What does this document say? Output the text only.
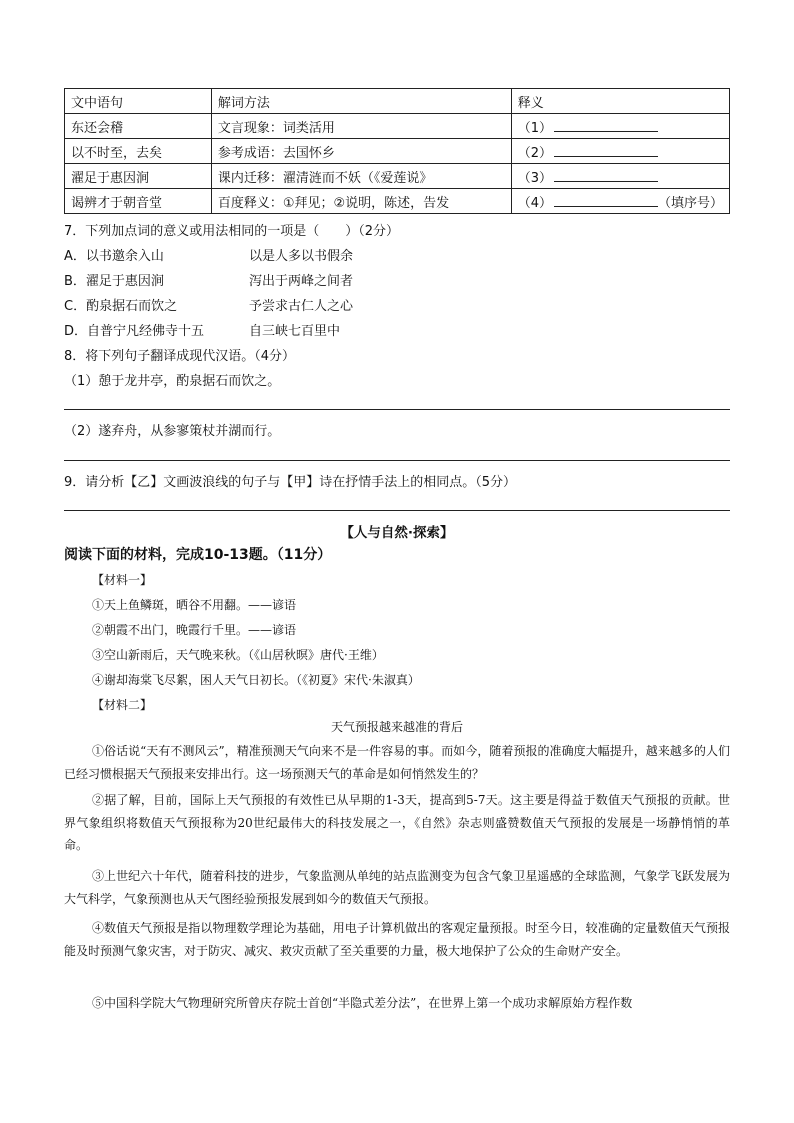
文中语句	解词方法	释义
东还会稽	文言现象：词类活用	（1）
以不时至，去矣	参考成语：去国怀乡	（2）
濯足于惠因涧	课内迁移：濯清涟而不妖（《爱莲说》	（3）
谒辨才于朝音堂	百度释义：①拜见；②说明，陈述，告发	（4） （填序号）
7．下列加点词的意义或用法相同的一项是（　　）（2分）
A．以书邀余入山	以是人多以书假余
B．濯足于惠因涧	泻出于两峰之间者
C．酌泉据石而饮之	予尝求古仁人之心
D．自普宁凡经佛寺十五	自三峡七百里中
8．将下列句子翻译成现代汉语。（4分）
（1）憩于龙井亭，酌泉据石而饮之。
（2）遂弃舟，从参寥策杖并湖而行。
9．请分析【乙】文画波浪线的句子与【甲】诗在抒情手法上的相同点。（5分）
【人与自然·探索】
阅读下面的材料，完成10-13题。（11分）
【材料一】
①天上鱼鳞斑，晒谷不用翻。——谚语
②朝霞不出门，晚霞行千里。——谚语
③空山新雨后，天气晚来秋。（《山居秋暝》唐代·王维）
④谢却海棠飞尽絮，困人天气日初长。（《初夏》宋代·朱淑真）
【材料二】
天气预报越来越准的背后
①俗话说“天有不测风云”，精准预测天气向来不是一件容易的事。而如今，随着预报的准确度大幅提升，越来越多的人们已经习惯根据天气预报来安排出行。这一场预测天气的革命是如何悄然发生的？
②据了解，目前，国际上天气预报的有效性已从早期的1-3天，提高到5-7天。这主要是得益于数值天气预报的贡献。世界气象组织将数值天气预报称为20世纪最伟大的科技发展之一，《自然》杂志则盛赞数值天气预报的发展是一场静悄悄的革命。
③上世纪六十年代，随着科技的进步，气象监测从单纯的站点监测变为包含气象卫星遥感的全球监测，气象学飞跃发展为大气科学，气象预测也从天气图经验预报发展到如今的数值天气预报。
④数值天气预报是指以物理数学理论为基础，用电子计算机做出的客观定量预报。时至今日，较准确的定量数值天气预报能及时预测气象灾害，对于防灾、减灾、救灾贡献了至关重要的力量，极大地保护了公众的生命财产安全。
⑤中国科学院大气物理研究所曾庆存院士首创“半隐式差分法”，在世界上第一个成功求解原始方程作数
